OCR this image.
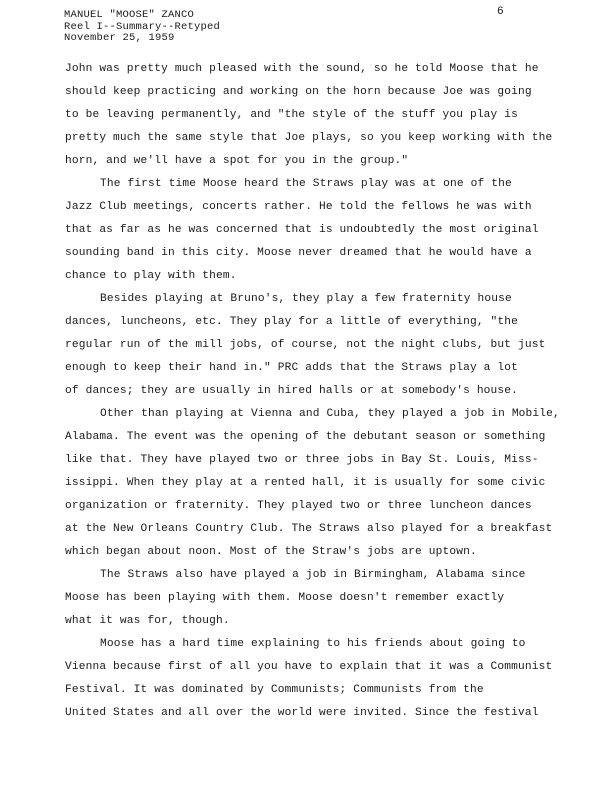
MANUEL "MOOSE" ZANCO
Reel I--Summary--Retyped
November 25, 1959
6
John was pretty much pleased with the sound, so he told Moose that he
should keep practicing and working on the horn because Joe was going
to be leaving permanently, and "the style of the stuff you play is
pretty much the same style that Joe plays, so you keep working with the
horn, and we'll have a spot for you in the group."
The first time Moose heard the Straws play was at one of the
Jazz Club meetings, concerts rather. He told the fellows he was with
that as far as he was concerned that is undoubtedly the most original
sounding band in this city. Moose never dreamed that he would have a
chance to play with them.
Besides playing at Bruno's, they play a few fraternity house
dances, luncheons, etc. They play for a little of everything, "the
regular run of the mill jobs, of course, not the night clubs, but just
enough to keep their hand in." PRC adds that the Straws play a lot
of dances; they are usually in hired halls or at somebody's house.
Other than playing at Vienna and Cuba, they played a job in Mobile,
Alabama. The event was the opening of the debutant season or something
like that. They have played two or three jobs in Bay St. Louis, Miss-
issippi. When they play at a rented hall, it is usually for some civic
organization or fraternity. They played two or three luncheon dances
at the New Orleans Country Club. The Straws also played for a breakfast
which began about noon. Most of the Straw's jobs are uptown.
The Straws also have played a job in Birmingham, Alabama since
Moose has been playing with them. Moose doesn't remember exactly
what it was for, though.
Moose has a hard time explaining to his friends about going to
Vienna because first of all you have to explain that it was a Communist
Festival. It was dominated by Communists; Communists from the
United States and all over the world were invited. Since the festival
